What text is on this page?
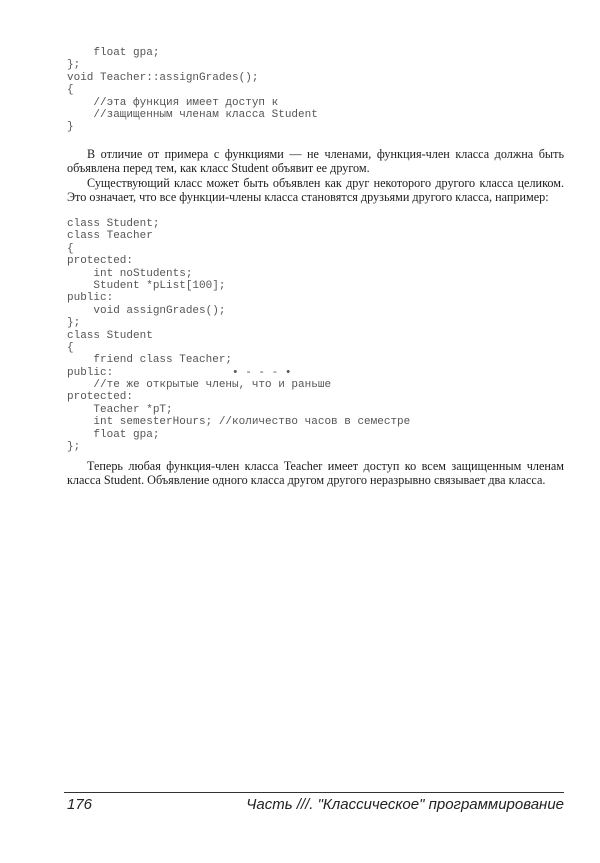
float gpa;
};
void Teacher::assignGrades();
{
//эта функция имеет доступ к
//защищенным членам класса Student
}

В отличие от примера с функциями — не членами, функция-член класса должна быть объявлена перед тем, как класс Student объявит ее другом.

Существующий класс может быть объявлен как друг некоторого другого класса целиком. Это означает, что все функции-члены класса становятся друзьями другого класса, например:

class Student;
class Teacher
{
protected:
int noStudents;
Student *pList[100];
public:
void assignGrades();
};
class Student
{
friend class Teacher;
public:                  • - - - •
//те же открытые члены, что и раньше
protected:
Teacher *pT;
int semesterHours; //количество часов в семестре
float gpa;
};

Теперь любая функция-член класса Teacher имеет доступ ко всем защищенным членам класса Student. Объявление одного класса другом другого неразрывно связывает два класса.

176	Часть ///. "Классическое" программирование
